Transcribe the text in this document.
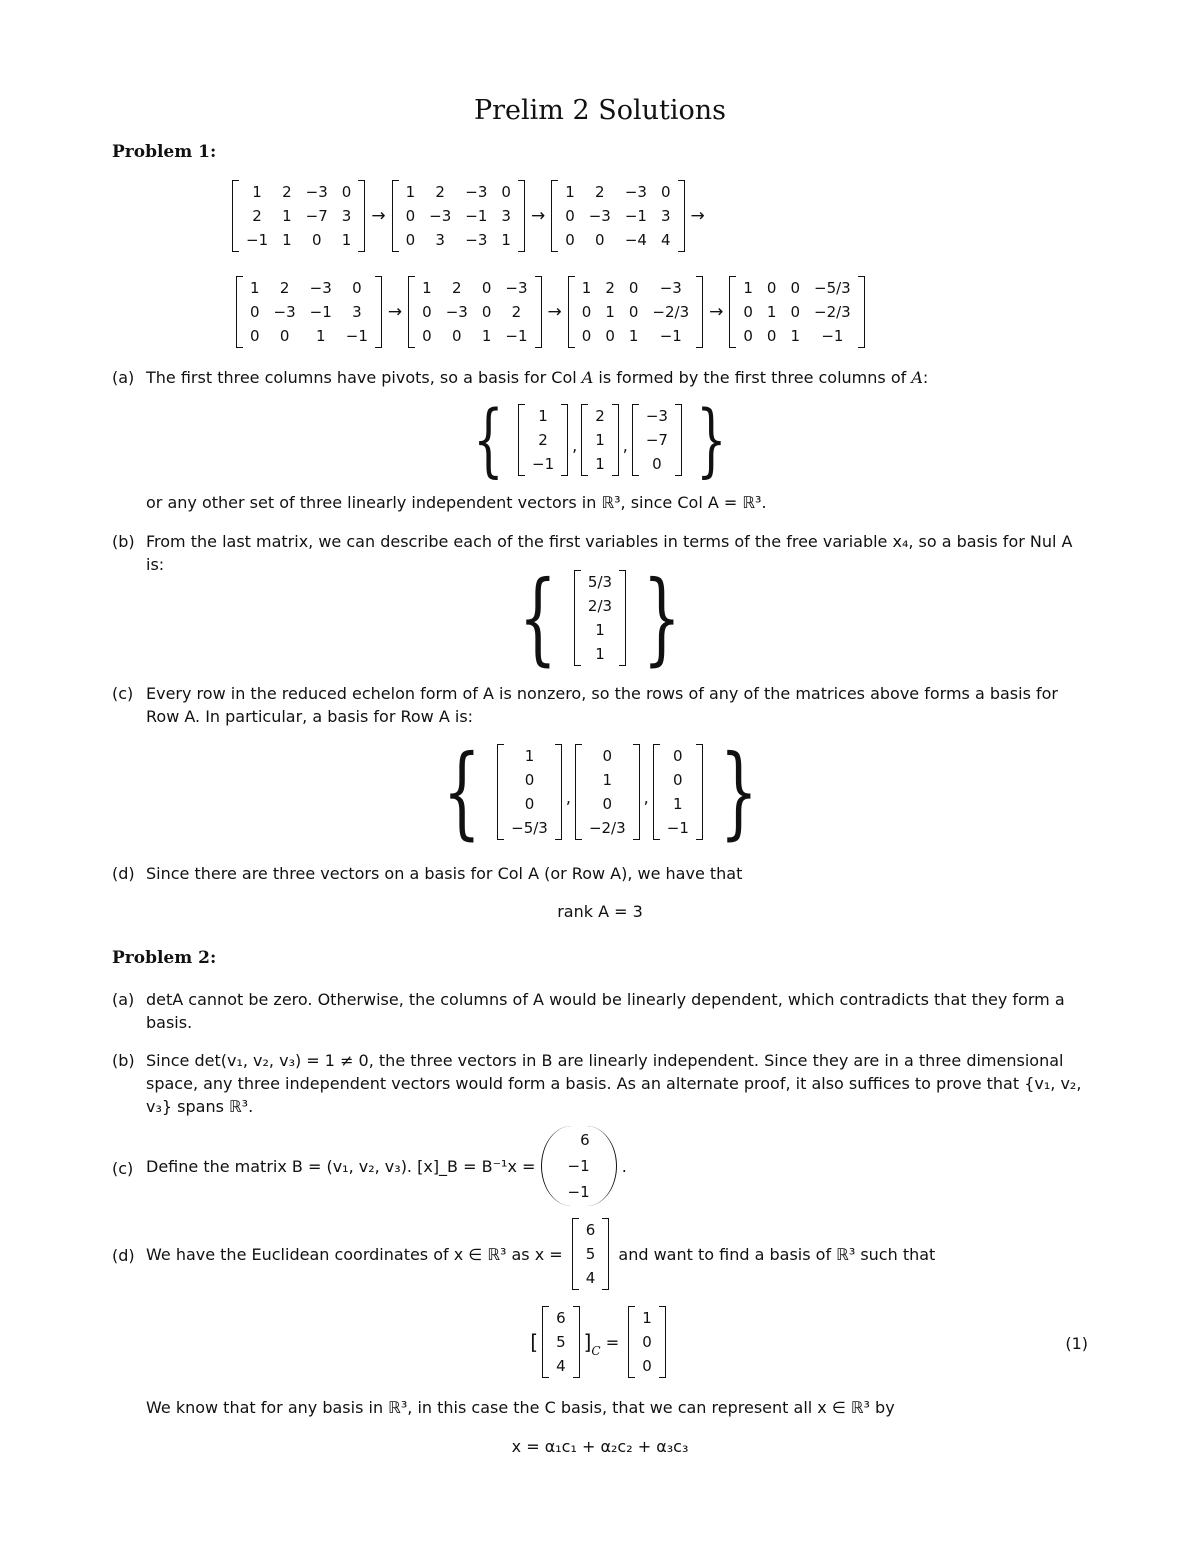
Prelim 2 Solutions
Problem 1:
1	2	−3	0
2	1	−7	3
−1	1	0	1
→
1	2	−3	0
0	−3	−1	3
0	3	−3	1
→
1	2	−3	0
0	−3	−1	3
0	0	−4	4
→
1	2	−3	0
0	−3	−1	3
0	0	1	−1
→
1	2	0	−3
0	−3	0	2
0	0	1	−1
→
1	2	0	−3
0	1	0	−2/3
0	0	1	−1
→
1	0	0	−5/3
0	1	0	−2/3
0	0	1	−1
(a) The first three columns have pivots, so a basis for Col A is formed by the first three columns of A:
{ 1
2
−1
,
2
1
1
,
−3
−7
0 }
or any other set of three linearly independent vectors in ℝ³, since Col A = ℝ³.
(b) From the last matrix, we can describe each of the first variables in terms of the free variable x₄, so a basis for Nul A is:	{ 5/3
2/3
1
1 }
(c) Every row in the reduced echelon form of A is nonzero, so the rows of any of the matrices above forms a basis for Row A. In particular, a basis for Row A is:
{	1
0
0
−5/3
,
0
1
0
−2/3
,
0
0
1
−1 }
(d) Since there are three vectors on a basis for Col A (or Row A), we have that
rank A = 3
Problem 2:
(a) detA cannot be zero. Otherwise, the columns of A would be linearly dependent, which contradicts that they form a basis.
(b) Since det(v₁, v₂, v₃) = 1 ≠ 0, the three vectors in B are linearly independent. Since they are in a three dimensional space, any three independent vectors would form a basis. As an alternate proof, it also suffices to prove that {v₁, v₂, v₃} spans ℝ³.
(c) Define the matrix B = (v₁, v₂, v₃). [x]_B = B⁻¹x =
6
−1
−1
.
(d) We have the Euclidean coordinates of x ∈ ℝ³ as x =
6
5
4
and want to find a basis of ℝ³ such that
[
6
5
4
]C =
1
0
0
(1)
We know that for any basis in ℝ³, in this case the C basis, that we can represent all x ∈ ℝ³ by
x = α₁c₁ + α₂c₂ + α₃c₃
